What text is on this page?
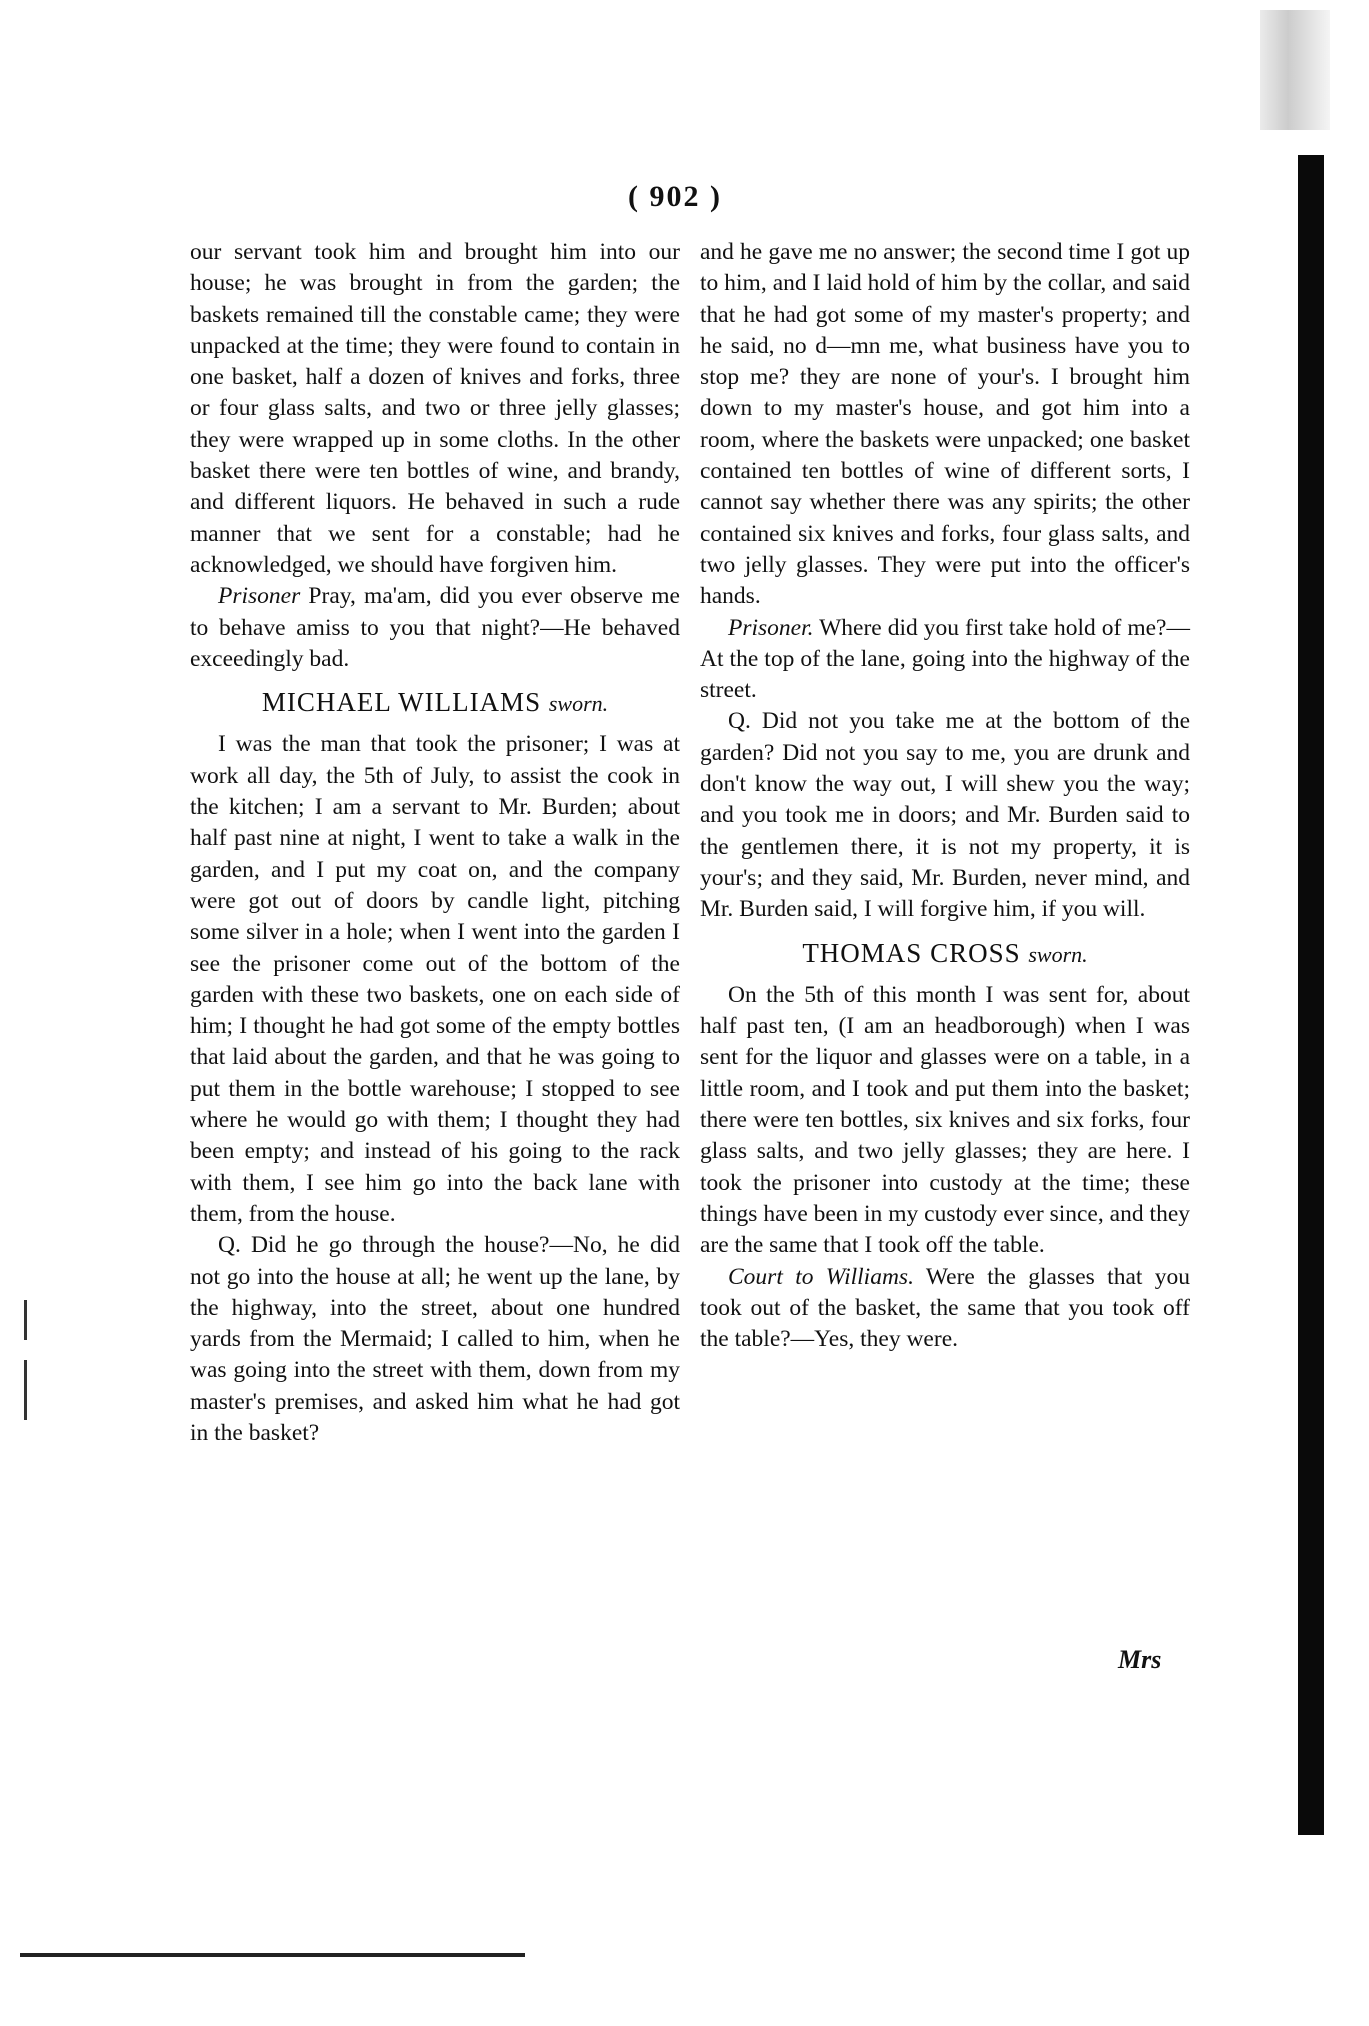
( 902 )

our servant took him and brought him into our house; he was brought in from the garden; the baskets remained till the constable came; they were unpacked at the time; they were found to contain in one basket, half a dozen of knives and forks, three or four glass salts, and two or three jelly glasses; they were wrapped up in some cloths. In the other basket there were ten bottles of wine, and brandy, and different liquors. He behaved in such a rude manner that we sent for a constable; had he acknowledged, we should have forgiven him.

Prisoner Pray, ma'am, did you ever observe me to behave amiss to you that night?—He behaved exceedingly bad.

MICHAEL WILLIAMS sworn.

I was the man that took the prisoner; I was at work all day, the 5th of July, to assist the cook in the kitchen; I am a servant to Mr. Burden; about half past nine at night, I went to take a walk in the garden, and I put my coat on, and the company were got out of doors by candle light, pitching some silver in a hole; when I went into the garden I see the prisoner come out of the bottom of the garden with these two baskets, one on each side of him; I thought he had got some of the empty bottles that laid about the garden, and that he was going to put them in the bottle warehouse; I stopped to see where he would go with them; I thought they had been empty; and instead of his going to the rack with them, I see him go into the back lane with them, from the house.

Q. Did he go through the house?—No, he did not go into the house at all; he went up the lane, by the highway, into the street, about one hundred yards from the Mermaid; I called to him, when he was going into the street with them, down from my master's premises, and asked him what he had got in the basket?

and he gave me no answer; the second time I got up to him, and I laid hold of him by the collar, and said that he had got some of my master's property; and he said, no d—mn me, what business have you to stop me? they are none of your's. I brought him down to my master's house, and got him into a room, where the baskets were unpacked; one basket contained ten bottles of wine of different sorts, I cannot say whether there was any spirits; the other contained six knives and forks, four glass salts, and two jelly glasses. They were put into the officer's hands.

Prisoner. Where did you first take hold of me?—At the top of the lane, going into the highway of the street.

Q. Did not you take me at the bottom of the garden? Did not you say to me, you are drunk and don't know the way out, I will shew you the way; and you took me in doors; and Mr. Burden said to the gentlemen there, it is not my property, it is your's; and they said, Mr. Burden, never mind, and Mr. Burden said, I will forgive him, if you will.

THOMAS CROSS sworn.

On the 5th of this month I was sent for, about half past ten, (I am an headborough) when I was sent for the liquor and glasses were on a table, in a little room, and I took and put them into the basket; there were ten bottles, six knives and six forks, four glass salts, and two jelly glasses; they are here. I took the prisoner into custody at the time; these things have been in my custody ever since, and they are the same that I took off the table.

Court to Williams. Were the glasses that you took out of the basket, the same that you took off the table?—Yes, they were.

Mrs
